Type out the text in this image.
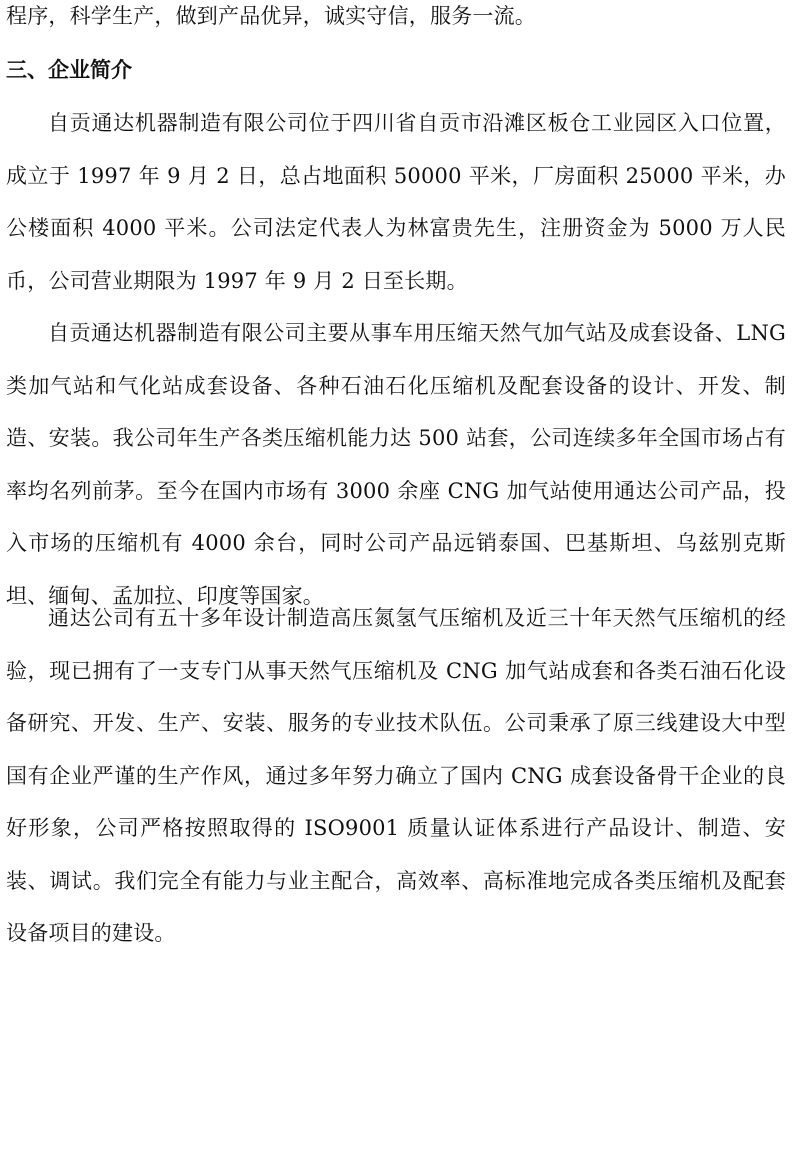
程序，科学生产，做到产品优异，诚实守信，服务一流。

三、企业简介

自贡通达机器制造有限公司位于四川省自贡市沿滩区板仓工业园区入口位置，成立于 1997 年 9 月 2 日，总占地面积 50000 平米，厂房面积 25000 平米，办公楼面积 4000 平米。公司法定代表人为林富贵先生，注册资金为 5000 万人民币，公司营业期限为 1997 年 9 月 2 日至长期。

自贡通达机器制造有限公司主要从事车用压缩天然气加气站及成套设备、LNG 类加气站和气化站成套设备、各种石油石化压缩机及配套设备的设计、开发、制造、安装。我公司年生产各类压缩机能力达 500 站套，公司连续多年全国市场占有率均名列前茅。至今在国内市场有 3000 余座 CNG 加气站使用通达公司产品，投入市场的压缩机有 4000 余台，同时公司产品远销泰国、巴基斯坦、乌兹别克斯坦、缅甸、孟加拉、印度等国家。

通达公司有五十多年设计制造高压氮氢气压缩机及近三十年天然气压缩机的经验，现已拥有了一支专门从事天然气压缩机及 CNG 加气站成套和各类石油石化设备研究、开发、生产、安装、服务的专业技术队伍。公司秉承了原三线建设大中型国有企业严谨的生产作风，通过多年努力确立了国内 CNG 成套设备骨干企业的良好形象，公司严格按照取得的 ISO9001 质量认证体系进行产品设计、制造、安装、调试。我们完全有能力与业主配合，高效率、高标准地完成各类压缩机及配套设备项目的建设。
